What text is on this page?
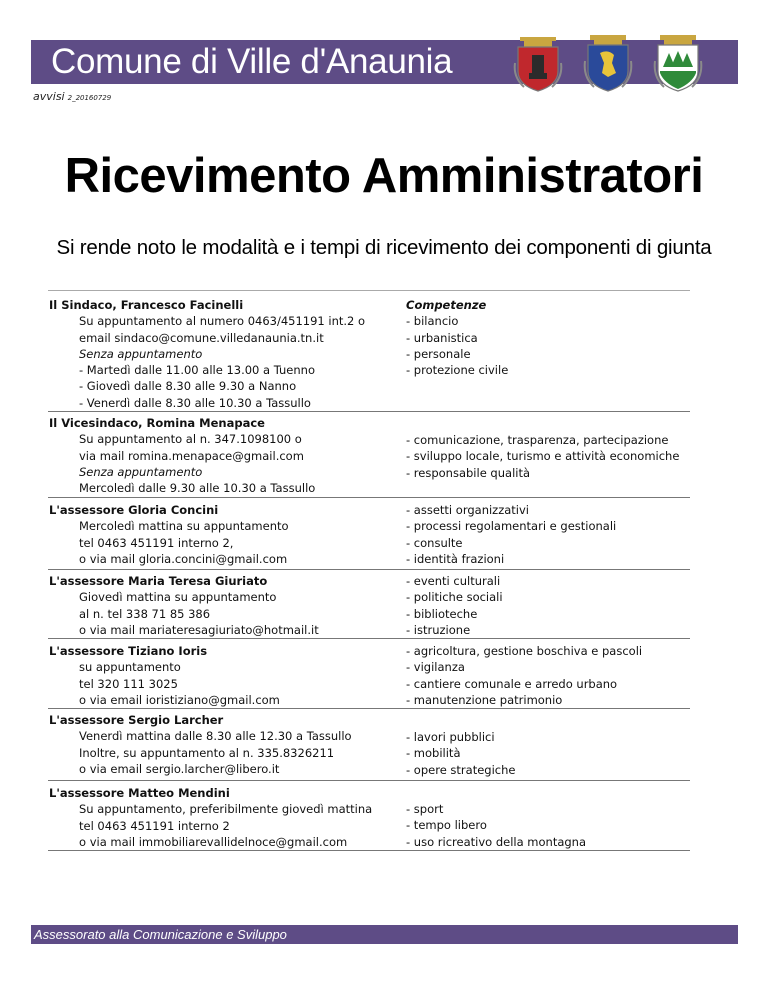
Comune di Ville d'Anaunia
avvisi 2_20160729
Ricevimento Amministratori
Si rende noto le modalità e i tempi di ricevimento dei componenti di giunta
Il Sindaco, Francesco Facinelli
Su appuntamento al numero 0463/451191 int.2 o
email sindaco@comune.villedanaunia.tn.it
Senza appuntamento
- Martedì dalle 11.00 alle 13.00 a Tuenno
- Giovedì dalle 8.30 alle 9.30 a Nanno
- Venerdì dalle 8.30 alle 10.30 a Tassullo
Competenze
- bilancio
- urbanistica
- personale
- protezione civile
Il Vicesindaco, Romina Menapace
Su appuntamento al n. 347.1098100 o
via mail romina.menapace@gmail.com
Senza appuntamento
Mercoledì dalle 9.30 alle 10.30 a Tassullo
- comunicazione, trasparenza, partecipazione
- sviluppo locale, turismo e attività economiche
- responsabile qualità
L'assessore Gloria Concini
Mercoledì mattina su appuntamento
tel 0463 451191 interno 2,
o via mail gloria.concini@gmail.com
- assetti organizzativi
- processi regolamentari e gestionali
- consulte
- identità frazioni
L'assessore Maria Teresa Giuriato
Giovedì mattina su appuntamento
al n. tel 338 71 85 386
o via mail mariateresagiuriato@hotmail.it
- eventi culturali
- politiche sociali
- biblioteche
- istruzione
L'assessore Tiziano Ioris
su appuntamento
tel 320 111 3025
o via email ioristiziano@gmail.com
- agricoltura, gestione boschiva e pascoli
- vigilanza
- cantiere comunale e arredo urbano
- manutenzione patrimonio
L'assessore Sergio Larcher
Venerdì mattina dalle 8.30 alle 12.30 a Tassullo
Inoltre, su appuntamento al n. 335.8326211
o via email sergio.larcher@libero.it
- lavori pubblici
- mobilità
- opere strategiche
L'assessore Matteo Mendini
Su appuntamento, preferibilmente giovedì mattina
tel 0463 451191 interno 2
o via mail immobiliarevallidelnoce@gmail.com
- sport
- tempo libero
- uso ricreativo della montagna
Assessorato alla Comunicazione e Sviluppo
